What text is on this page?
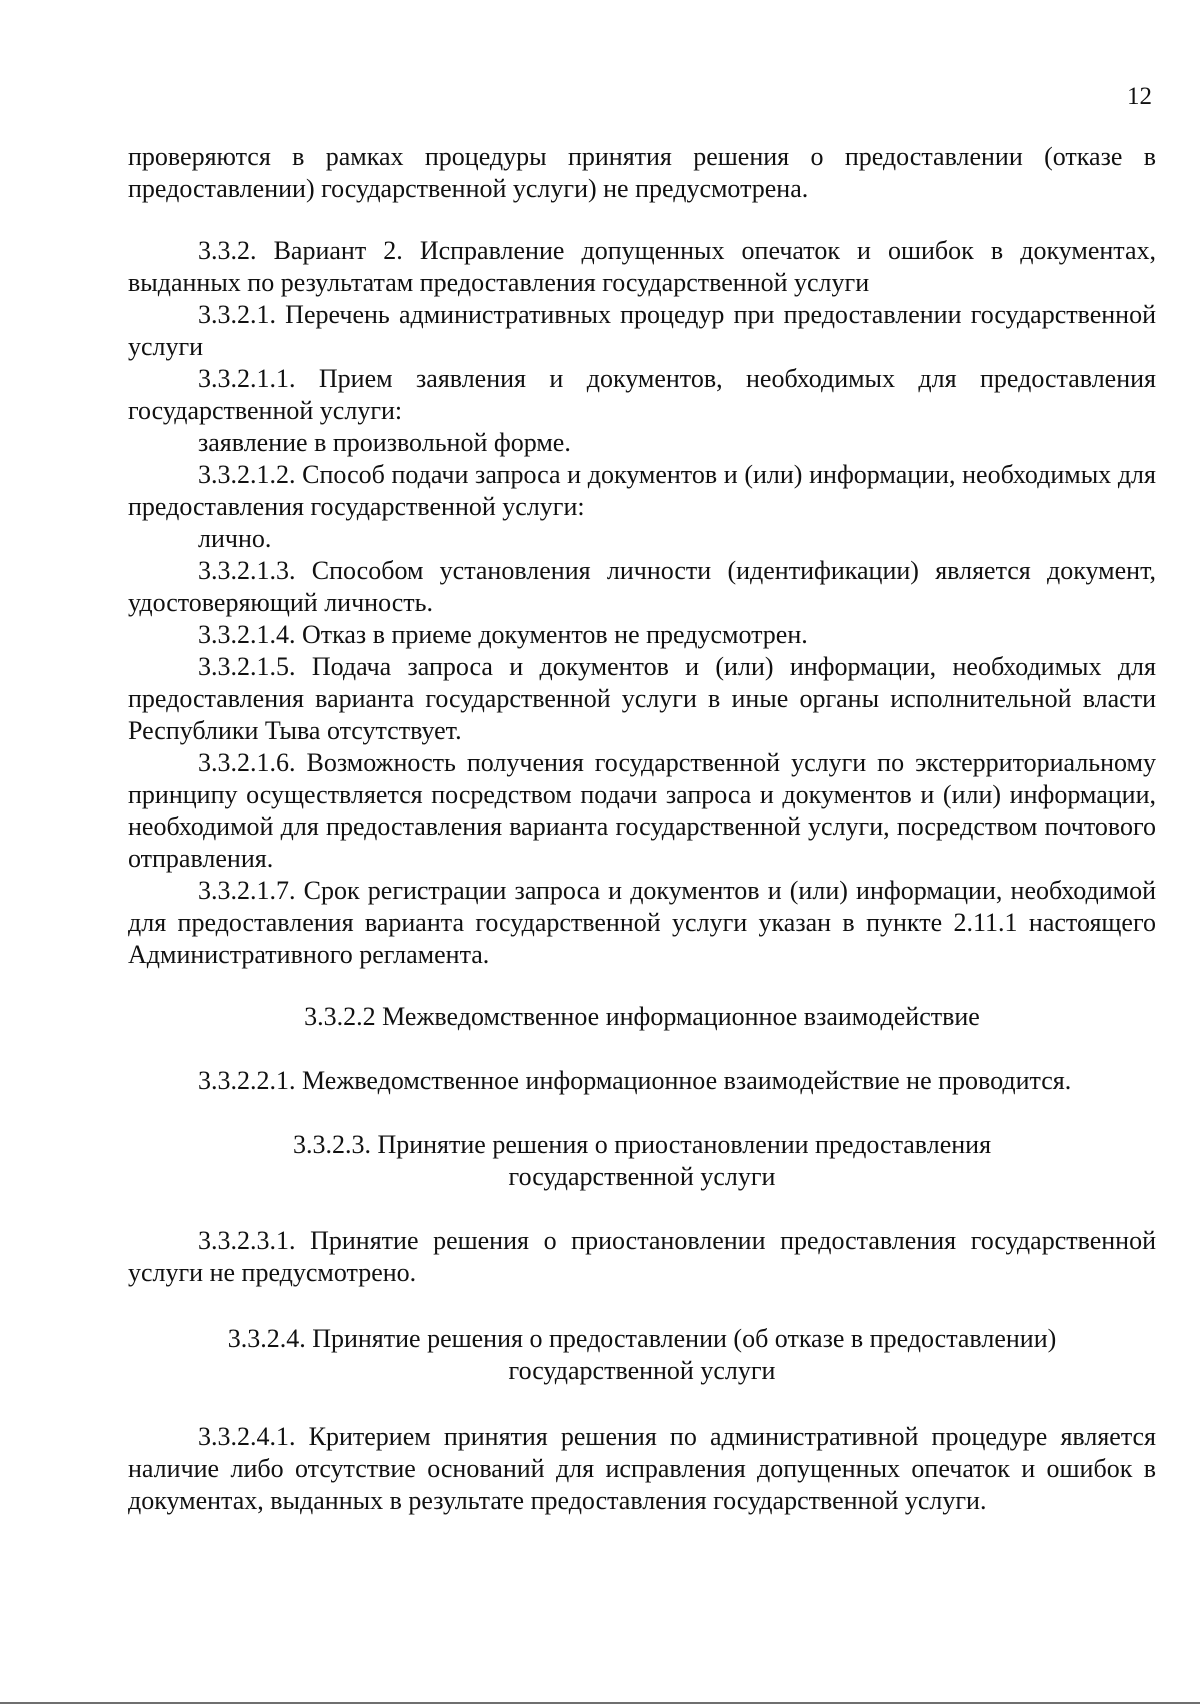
12

проверяются в рамках процедуры принятия решения о предоставлении (отказе в предоставлении) государственной услуги) не предусмотрена.

3.3.2. Вариант 2. Исправление допущенных опечаток и ошибок в документах, выданных по результатам предоставления государственной услуги

3.3.2.1. Перечень административных процедур при предоставлении государственной услуги

3.3.2.1.1. Прием заявления и документов, необходимых для предоставления государственной услуги:

заявление в произвольной форме.

3.3.2.1.2. Способ подачи запроса и документов и (или) информации, необходимых для предоставления государственной услуги:

лично.

3.3.2.1.3. Способом установления личности (идентификации) является документ, удостоверяющий личность.

3.3.2.1.4. Отказ в приеме документов не предусмотрен.

3.3.2.1.5. Подача запроса и документов и (или) информации, необходимых для предоставления варианта государственной услуги в иные органы исполнительной власти Республики Тыва отсутствует.

3.3.2.1.6. Возможность получения государственной услуги по экстерриториальному принципу осуществляется посредством подачи запроса и документов и (или) информации, необходимой для предоставления варианта государственной услуги, посредством почтового отправления.

3.3.2.1.7. Срок регистрации запроса и документов и (или) информации, необходимой для предоставления варианта государственной услуги указан в пункте 2.11.1 настоящего Административного регламента.

3.3.2.2 Межведомственное информационное взаимодействие

3.3.2.2.1. Межведомственное информационное взаимодействие не проводится.

3.3.2.3. Принятие решения о приостановлении предоставления государственной услуги

3.3.2.3.1. Принятие решения о приостановлении предоставления государственной услуги не предусмотрено.

3.3.2.4. Принятие решения о предоставлении (об отказе в предоставлении) государственной услуги

3.3.2.4.1. Критерием принятия решения по административной процедуре является наличие либо отсутствие оснований для исправления допущенных опечаток и ошибок в документах, выданных в результате предоставления государственной услуги.
